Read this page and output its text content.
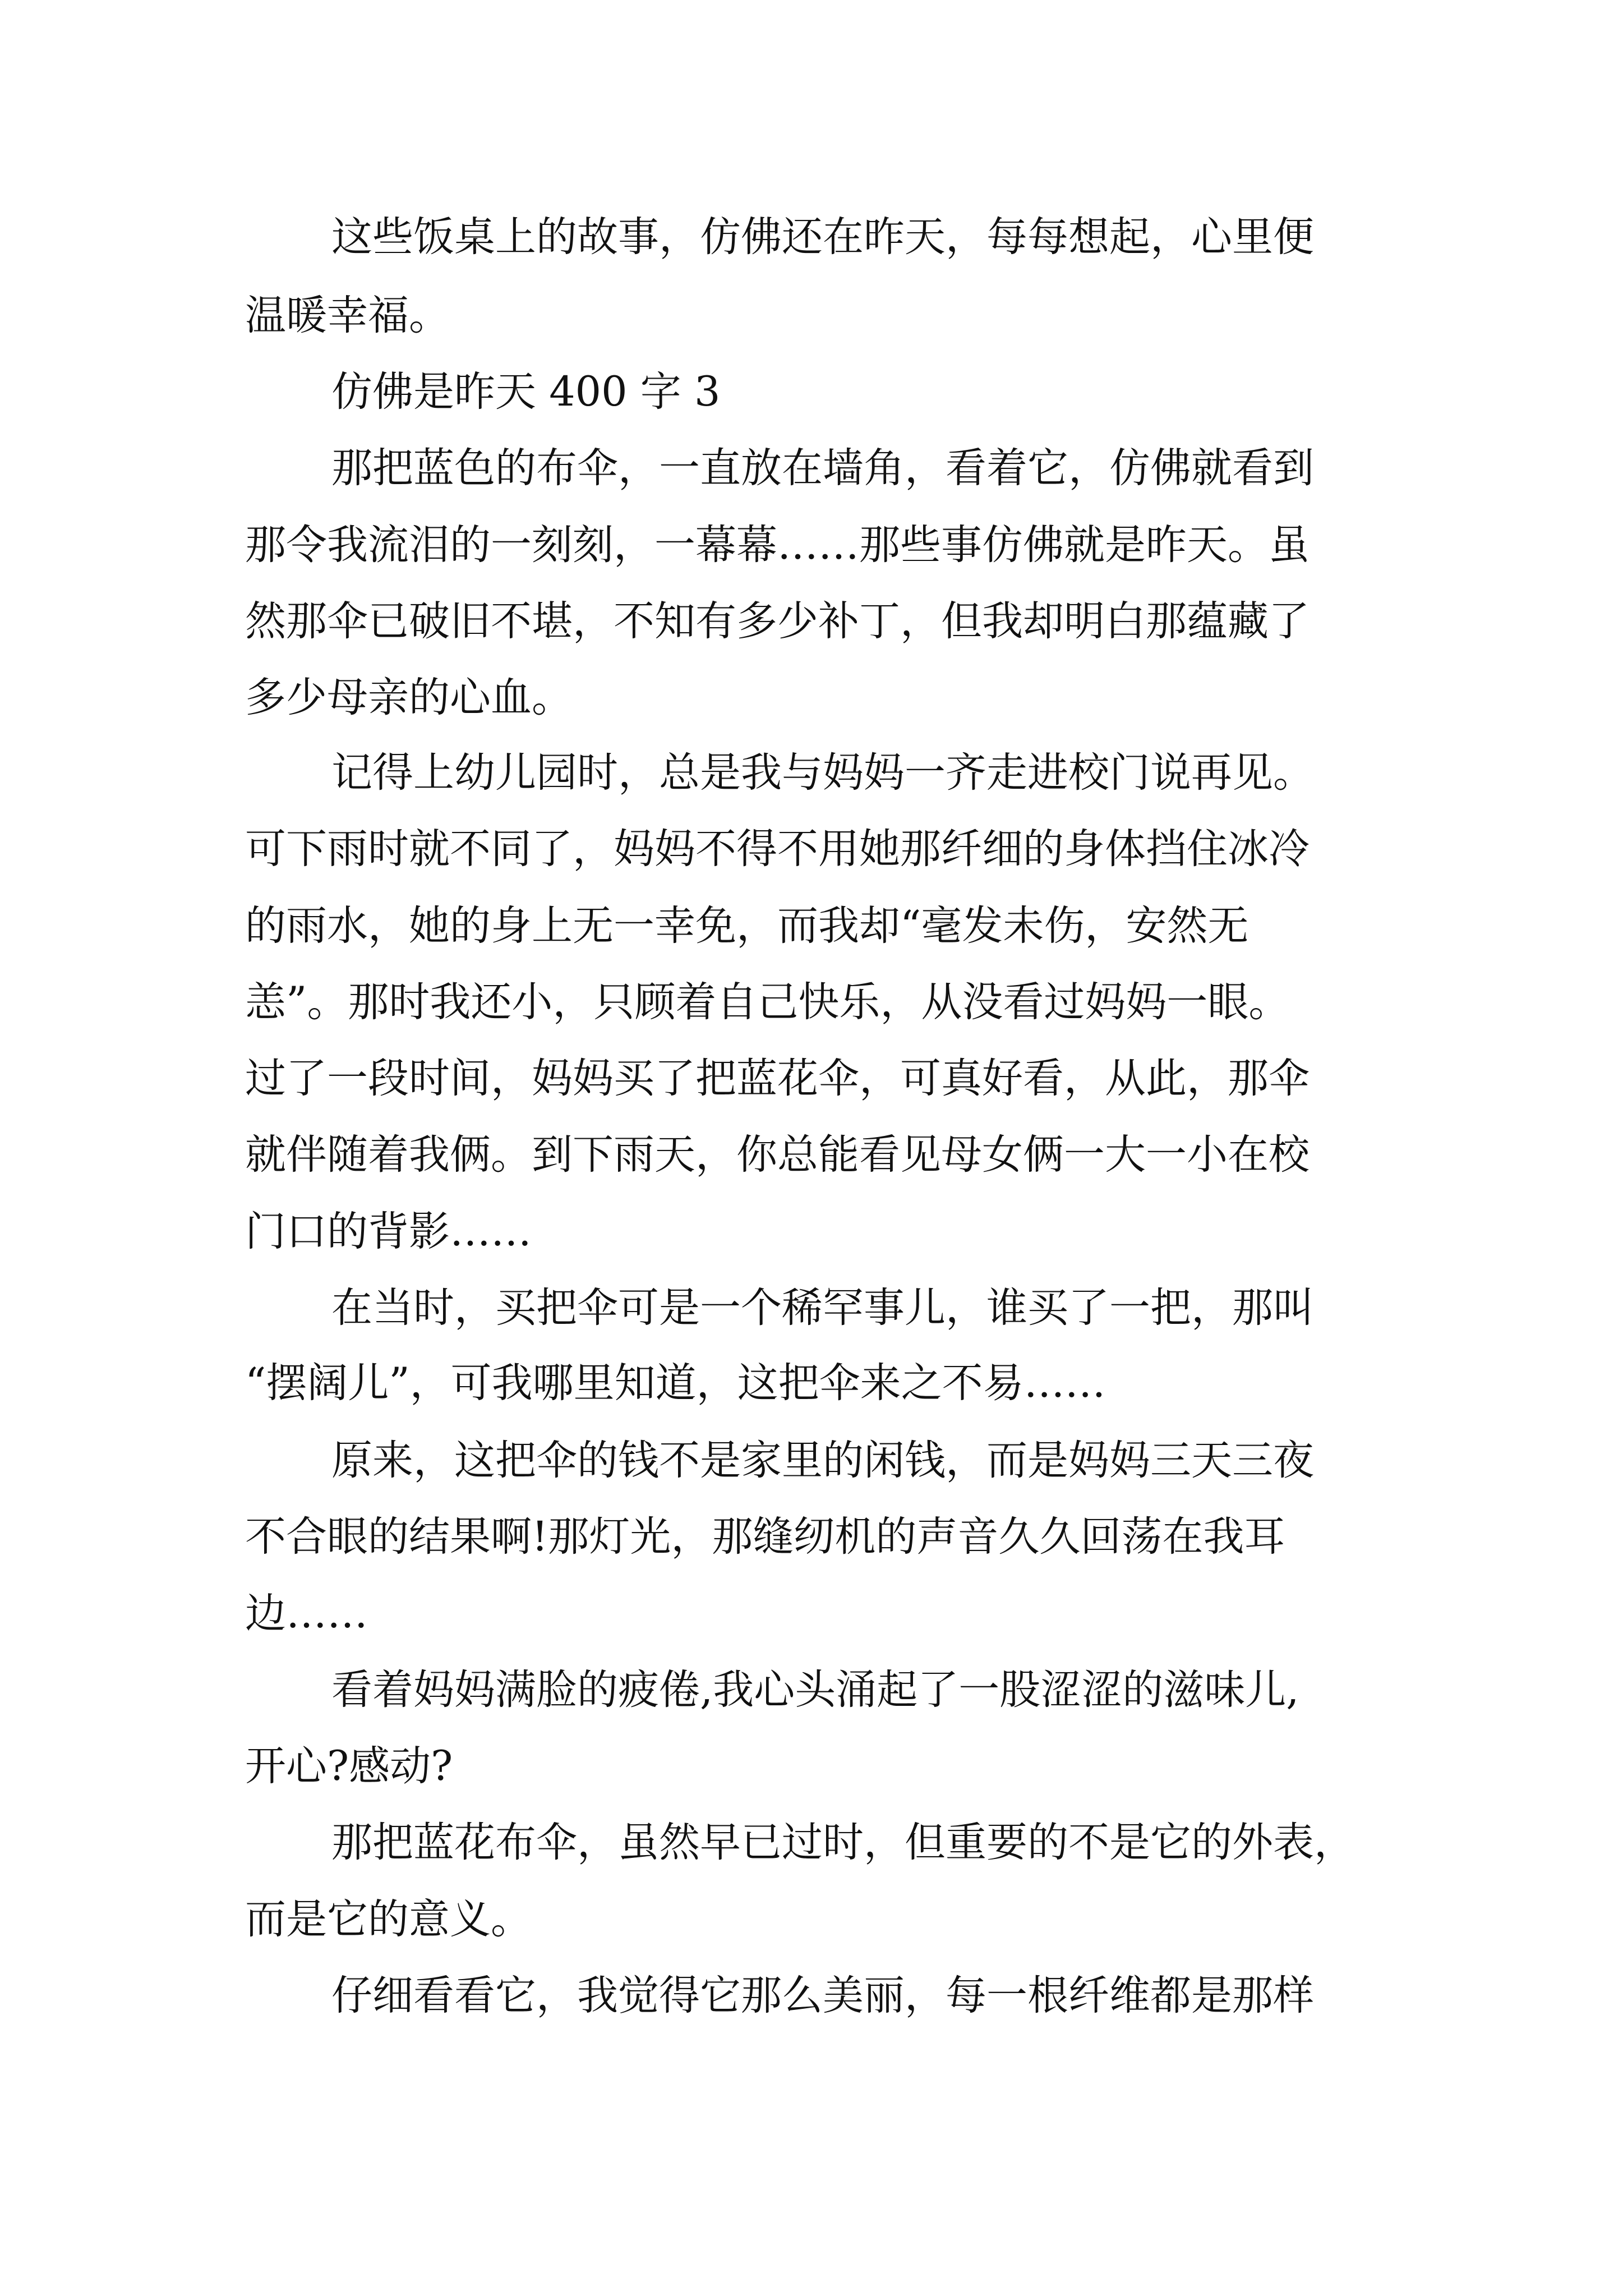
这些饭桌上的故事，仿佛还在昨天，每每想起，心里便
温暖幸福。
仿佛是昨天 400 字 3
那把蓝色的布伞，一直放在墙角，看着它，仿佛就看到
那令我流泪的一刻刻，一幕幕……那些事仿佛就是昨天。虽
然那伞已破旧不堪，不知有多少补丁，但我却明白那蕴藏了
多少母亲的心血。
记得上幼儿园时，总是我与妈妈一齐走进校门说再见。
可下雨时就不同了，妈妈不得不用她那纤细的身体挡住冰冷
的雨水，她的身上无一幸免，而我却“毫发未伤，安然无
恙”。那时我还小，只顾着自己快乐，从没看过妈妈一眼。
过了一段时间，妈妈买了把蓝花伞，可真好看，从此，那伞
就伴随着我俩。到下雨天，你总能看见母女俩一大一小在校
门口的背影……
在当时，买把伞可是一个稀罕事儿，谁买了一把，那叫
“摆阔儿”，可我哪里知道，这把伞来之不易……
原来，这把伞的钱不是家里的闲钱，而是妈妈三天三夜
不合眼的结果啊!那灯光，那缝纫机的声音久久回荡在我耳
边……
看着妈妈满脸的疲倦,我心头涌起了一股涩涩的滋味儿,
开心?感动?
那把蓝花布伞，虽然早已过时，但重要的不是它的外表，
而是它的意义。
仔细看看它，我觉得它那么美丽，每一根纤维都是那样
